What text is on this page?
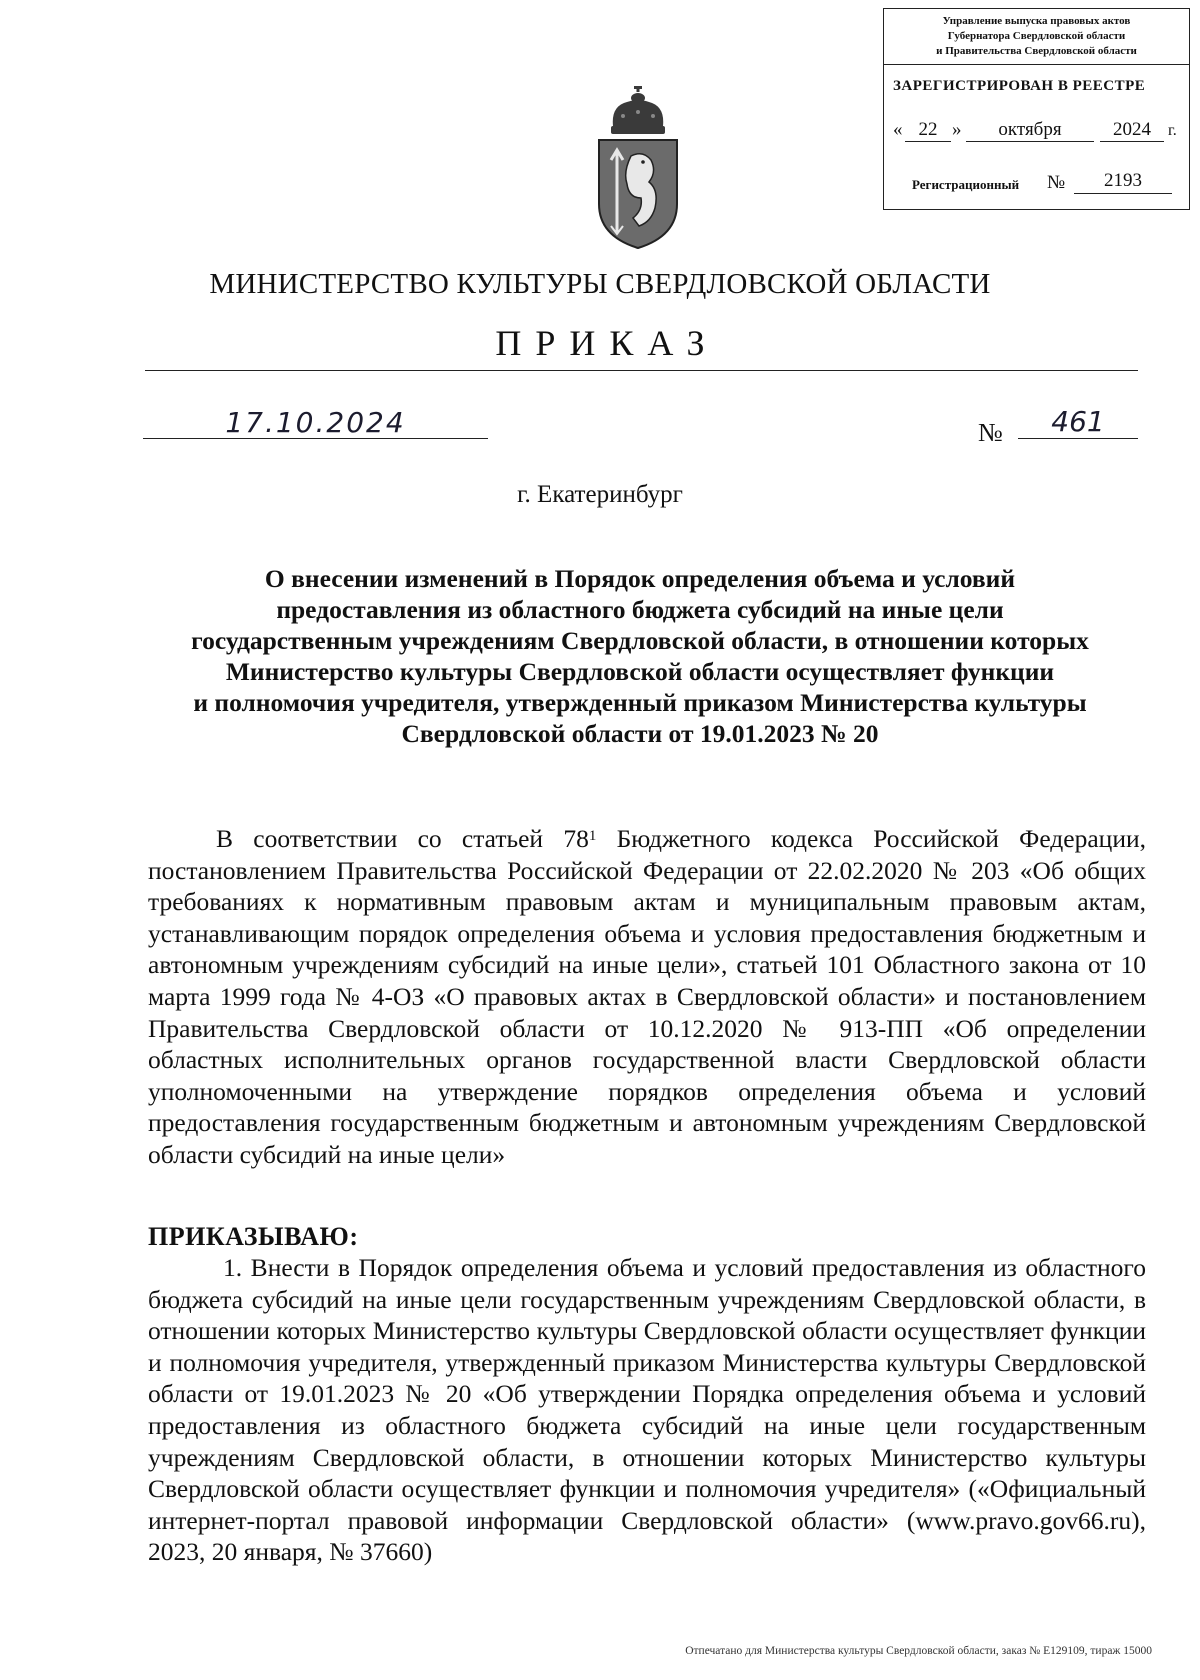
Управление выпуска правовых актов
Губернатора Свердловской области
и Правительства Свердловской области
ЗАРЕГИСТРИРОВАН В РЕЕСТРЕ
« 22 »	октября	2024	г.
Регистрационный №	2193
МИНИСТЕРСТВО КУЛЬТУРЫ СВЕРДЛОВСКОЙ ОБЛАСТИ
ПРИКАЗ
17.10.2024	№	461
г. Екатеринбург
О внесении изменений в Порядок определения объема и условий
предоставления из областного бюджета субсидий на иные цели
государственным учреждениям Свердловской области, в отношении которых
Министерство культуры Свердловской области осуществляет функции
и полномочия учредителя, утвержденный приказом Министерства культуры
Свердловской области от 19.01.2023 № 20
В соответствии со статьей $78^1$ Бюджетного кодекса Российской Федерации, постановлением Правительства Российской Федерации от 22.02.2020 № 203 «Об общих требованиях к нормативным правовым актам и муниципальным правовым актам, устанавливающим порядок определения объема и условия предоставления бюджетным и автономным учреждениям субсидий на иные цели», статьей 101 Областного закона от 10 марта 1999 года № 4-ОЗ «О правовых актах в Свердловской области» и постановлением Правительства Свердловской области от 10.12.2020 № 913-ПП «Об определении областных исполнительных органов государственной власти Свердловской области уполномоченными на утверждение порядков определения объема и условий предоставления государственным бюджетным и автономным учреждениям Свердловской области субсидий на иные цели»
ПРИКАЗЫВАЮ:
1. Внести в Порядок определения объема и условий предоставления из областного бюджета субсидий на иные цели государственным учреждениям Свердловской области, в отношении которых Министерство культуры Свердловской области осуществляет функции и полномочия учредителя, утвержденный приказом Министерства культуры Свердловской области от 19.01.2023 № 20 «Об утверждении Порядка определения объема и условий предоставления из областного бюджета субсидий на иные цели государственным учреждениям Свердловской области, в отношении которых Министерство культуры Свердловской области осуществляет функции и полномочия учредителя» («Официальный интернет-портал правовой информации Свердловской области» (www.pravo.gov66.ru), 2023, 20 января, № 37660)
Отпечатано для Министерства культуры Свердловской области, заказ № Е129109, тираж 15000
